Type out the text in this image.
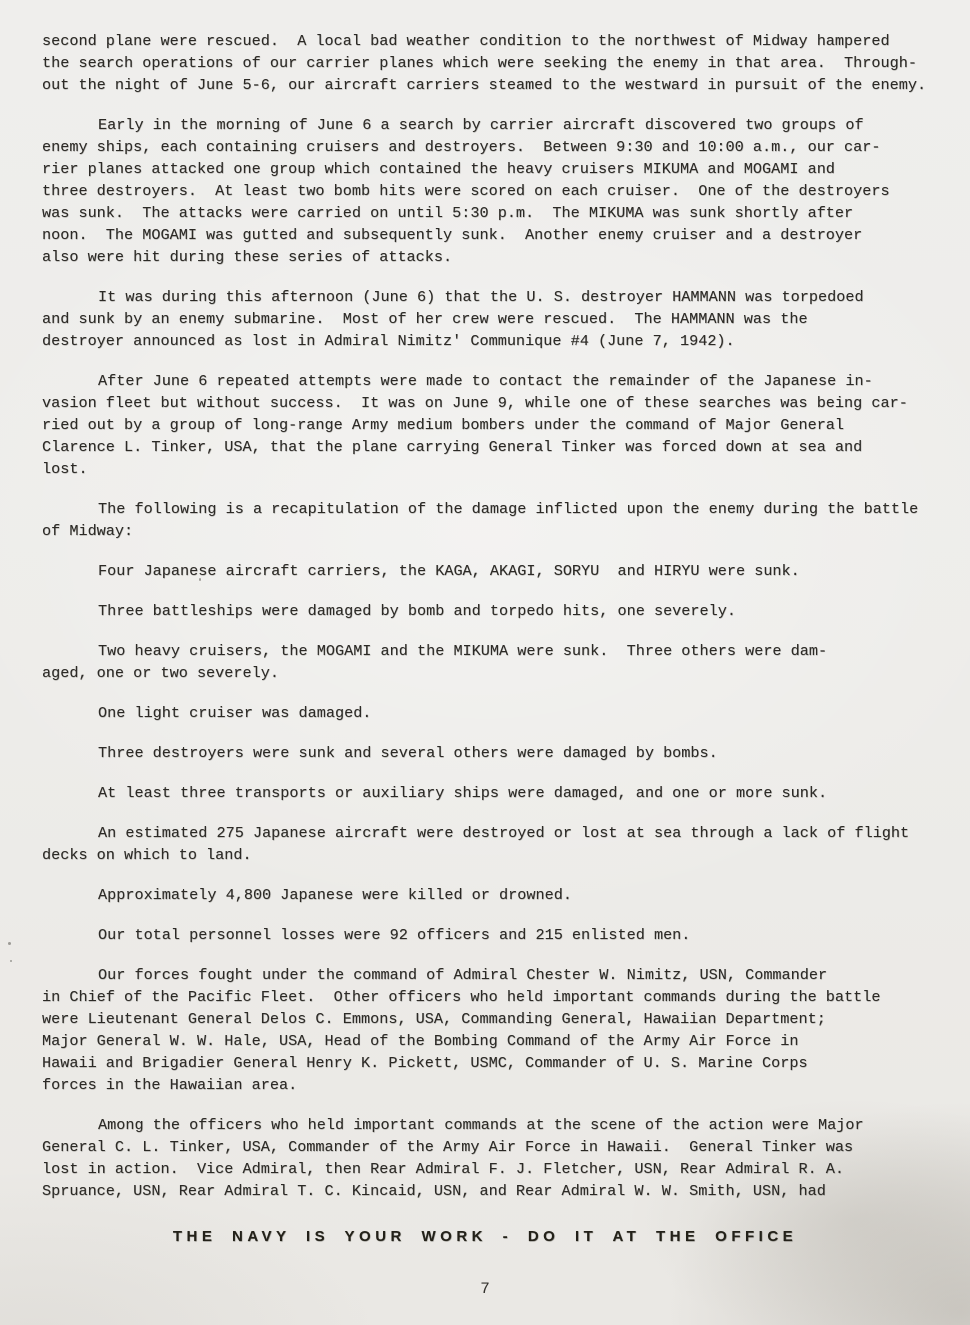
second plane were rescued.  A local bad weather condition to the northwest of Midway hampered
the search operations of our carrier planes which were seeking the enemy in that area.  Through-
out the night of June 5-6, our aircraft carriers steamed to the westward in pursuit of the enemy.
Early in the morning of June 6 a search by carrier aircraft discovered two groups of
enemy ships, each containing cruisers and destroyers.  Between 9:30 and 10:00 a.m., our car-
rier planes attacked one group which contained the heavy cruisers MIKUMA and MOGAMI and
three destroyers.  At least two bomb hits were scored on each cruiser.  One of the destroyers
was sunk.  The attacks were carried on until 5:30 p.m.  The MIKUMA was sunk shortly after
noon.  The MOGAMI was gutted and subsequently sunk.  Another enemy cruiser and a destroyer
also were hit during these series of attacks.
It was during this afternoon (June 6) that the U. S. destroyer HAMMANN was torpedoed
and sunk by an enemy submarine.  Most of her crew were rescued.  The HAMMANN was the
destroyer announced as lost in Admiral Nimitz' Communique #4 (June 7, 1942).
After June 6 repeated attempts were made to contact the remainder of the Japanese in-
vasion fleet but without success.  It was on June 9, while one of these searches was being car-
ried out by a group of long-range Army medium bombers under the command of Major General
Clarence L. Tinker, USA, that the plane carrying General Tinker was forced down at sea and
lost.
The following is a recapitulation of the damage inflicted upon the enemy during the battle
of Midway:
Four Japanese aircraft carriers, the KAGA, AKAGI, SORYU  and HIRYU were sunk.
Three battleships were damaged by bomb and torpedo hits, one severely.
Two heavy cruisers, the MOGAMI and the MIKUMA were sunk.  Three others were dam-
aged, one or two severely.
One light cruiser was damaged.
Three destroyers were sunk and several others were damaged by bombs.
At least three transports or auxiliary ships were damaged, and one or more sunk.
An estimated 275 Japanese aircraft were destroyed or lost at sea through a lack of flight
decks on which to land.
Approximately 4,800 Japanese were killed or drowned.
Our total personnel losses were 92 officers and 215 enlisted men.
Our forces fought under the command of Admiral Chester W. Nimitz, USN, Commander
in Chief of the Pacific Fleet.  Other officers who held important commands during the battle
were Lieutenant General Delos C. Emmons, USA, Commanding General, Hawaiian Department;
Major General W. W. Hale, USA, Head of the Bombing Command of the Army Air Force in
Hawaii and Brigadier General Henry K. Pickett, USMC, Commander of U. S. Marine Corps
forces in the Hawaiian area.
Among the officers who held important commands at the scene of the action were Major
General C. L. Tinker, USA, Commander of the Army Air Force in Hawaii.  General Tinker was
lost in action.  Vice Admiral, then Rear Admiral F. J. Fletcher, USN, Rear Admiral R. A.
Spruance, USN, Rear Admiral T. C. Kincaid, USN, and Rear Admiral W. W. Smith, USN, had
THE NAVY IS YOUR WORK - DO IT AT THE OFFICE
7
